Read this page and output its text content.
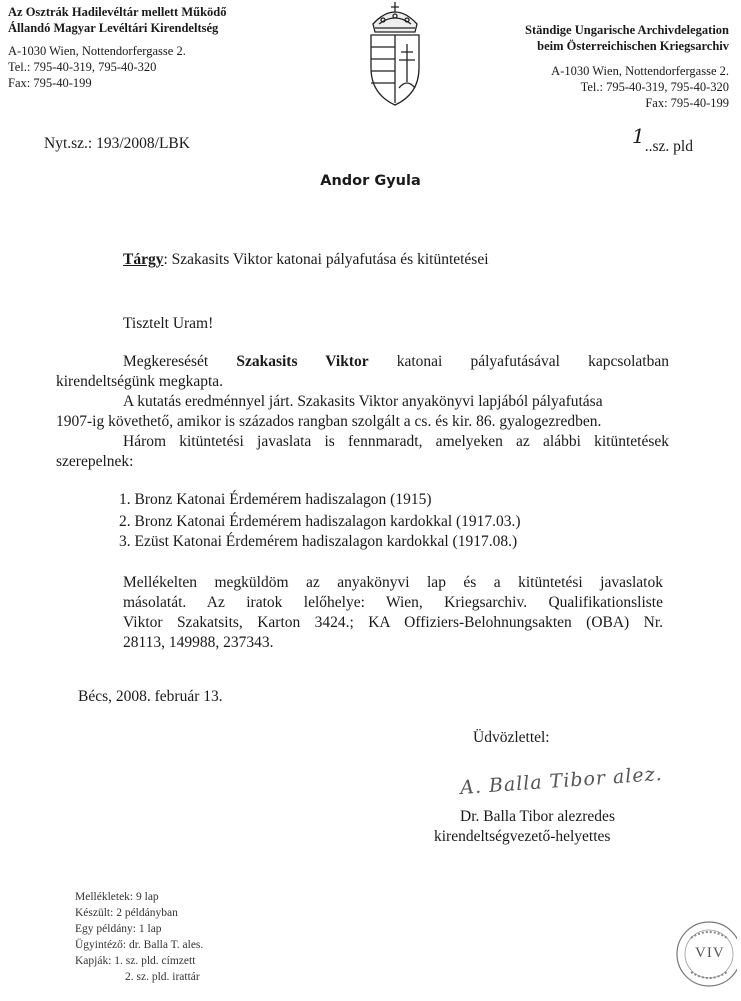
Az Osztrák Hadilevéltár mellett Működő
Állandó Magyar Levéltári Kirendeltség
A-1030 Wien, Nottendorfergasse 2.
Tel.: 795-40-319, 795-40-320
Fax: 795-40-199
Ständige Ungarische Archivdelegation
beim Österreichischen Kriegsarchiv
A-1030 Wien, Nottendorfergasse 2.
Tel.: 795-40-319, 795-40-320
Fax: 795-40-199
Nyt.sz.: 193/2008/LBK	1..sz. pld
Andor Gyula
Tárgy: Szakasits Viktor katonai pályafutása és kitüntetései
Tisztelt Uram!
Megkeresését Szakasits Viktor katonai pályafutásával kapcsolatban
kirendeltségünk megkapta.
A kutatás eredménnyel járt. Szakasits Viktor anyakönyvi lapjából pályafutása
1907-ig követhető, amikor is százados rangban szolgált a cs. és kir. 86. gyalogezredben.
Három kitüntetési javaslata is fennmaradt, amelyeken az alábbi kitüntetések
szerepelnek:
1. Bronz Katonai Érdemérem hadiszalagon (1915)
2. Bronz Katonai Érdemérem hadiszalagon kardokkal (1917.03.)
3. Ezüst Katonai Érdemérem hadiszalagon kardokkal (1917.08.)
Mellékelten megküldöm az anyakönyvi lap és a kitüntetési javaslatok
másolatát. Az iratok lelőhelye: Wien, Kriegsarchiv. Qualifikationsliste
Viktor Szakatsits, Karton 3424.; KA Offiziers-Belohnungsakten (OBA) Nr.
28113, 149988, 237343.
Bécs, 2008. február 13.
Üdvözlettel:
A. Balla Tibor alez.
Dr. Balla Tibor alezredes
kirendeltségvezető-helyettes
Mellékletek: 9 lap
Készült: 2 példányban
Egy példány: 1 lap
Ügyintéző: dr. Balla T. ales.
Kapják: 1. sz. pld. címzett
2. sz. pld. irattár
VIV
